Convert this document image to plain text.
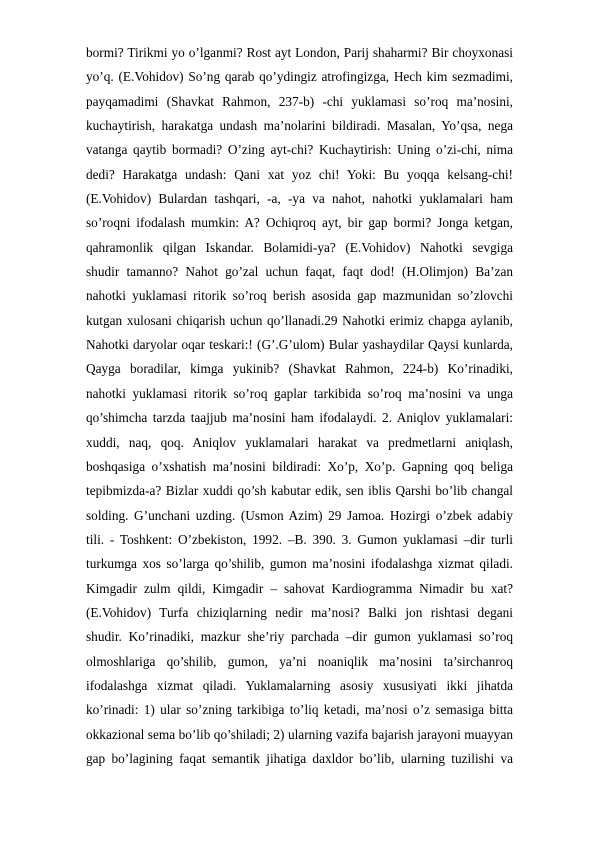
bormi? Tirikmi yo o’lganmi? Rost ayt London, Parij shaharmi? Bir choyxonasi
yo’q. (E.Vohidov) So’ng qarab qo’ydingiz atrofingizga, Hech kim sezmadimi,
payqamadimi (Shavkat Rahmon, 237-b) -chi yuklamasi so’roq ma’nosini,
kuchaytirish, harakatga undash ma’nolarini bildiradi. Masalan, Yo’qsa, nega
vatanga qaytib bormadi? O’zing ayt-chi? Kuchaytirish: Uning o’zi-chi, nima
dedi? Harakatga undash: Qani xat yoz chi! Yoki: Bu yoqqa kelsang-chi!
(E.Vohidov) Bulardan tashqari, -a, -ya va nahot, nahotki yuklamalari ham
so’roqni ifodalash mumkin: A? Ochiqroq ayt, bir gap bormi? Jonga ketgan,
qahramonlik qilgan Iskandar. Bolamidi-ya? (E.Vohidov) Nahotki sevgiga
shudir tamanno? Nahot go’zal uchun faqat, faqt dod! (H.Olimjon) Ba’zan
nahotki yuklamasi ritorik so’roq berish asosida gap mazmunidan so’zlovchi
kutgan xulosani chiqarish uchun qo’llanadi.29 Nahotki erimiz chapga aylanib,
Nahotki daryolar oqar teskari:! (G’.G’ulom) Bular yashaydilar Qaysi kunlarda,
Qayga boradilar, kimga yukinib? (Shavkat Rahmon, 224-b) Ko’rinadiki,
nahotki yuklamasi ritorik so’roq gaplar tarkibida so’roq ma’nosini va unga
qo’shimcha tarzda taajjub ma’nosini ham ifodalaydi. 2. Aniqlov yuklamalari:
xuddi, naq, qoq. Aniqlov yuklamalari harakat va predmetlarni aniqlash,
boshqasiga o’xshatish ma’nosini bildiradi: Xo’p, Xo’p. Gapning qoq beliga
tepibmizda-a? Bizlar xuddi qo’sh kabutar edik, sen iblis Qarshi bo’lib changal
solding. G’unchani uzding. (Usmon Azim) 29 Jamoa. Hozirgi o’zbek adabiy
tili. - Toshkent: O’zbekiston, 1992. –B. 390. 3. Gumon yuklamasi –dir turli
turkumga xos so’larga qo’shilib, gumon ma’nosini ifodalashga xizmat qiladi.
Kimgadir zulm qildi, Kimgadir – sahovat Kardiogramma Nimadir bu xat?
(E.Vohidov) Turfa chiziqlarning nedir ma’nosi? Balki jon rishtasi degani
shudir. Ko’rinadiki, mazkur she’riy parchada –dir gumon yuklamasi so’roq
olmoshlariga qo’shilib, gumon, ya’ni noaniqlik ma’nosini ta’sirchanroq
ifodalashga xizmat qiladi. Yuklamalarning asosiy xususiyati ikki jihatda
ko’rinadi: 1) ular so’zning tarkibiga to’liq ketadi, ma’nosi o’z semasiga bitta
okkazional sema bo’lib qo’shiladi; 2) ularning vazifa bajarish jarayoni muayyan
gap bo’lagining faqat semantik jihatiga daxldor bo’lib, ularning tuzilishi va
